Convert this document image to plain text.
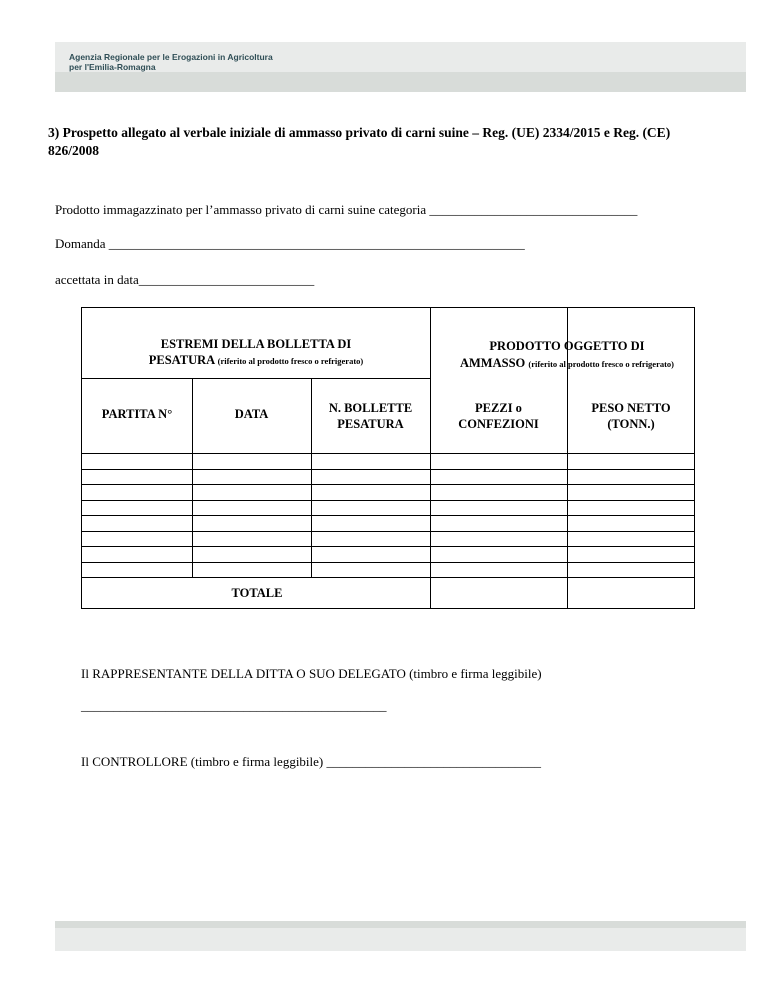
Agenzia Regionale per le Erogazioni in Agricoltura
per l'Emilia-Romagna
3) Prospetto allegato al verbale iniziale di ammasso privato di carni suine – Reg. (UE) 2334/2015 e Reg. (CE) 826/2008
Prodotto immagazzinato per l’ammasso privato di carni suine categoria ________________________________
Domanda ________________________________________________________________
accettata in data___________________________
ESTREMI DELLA BOLLETTA DI
PESATURA (riferito al prodotto fresco o refrigerato)
PRODOTTO OGGETTO DI
AMMASSO (riferito al prodotto fresco o refrigerato)
PARTITA N°	DATA	N. BOLLETTE PESATURA
PEZZI o CONFEZIONI
PESO NETTO (TONN.)
TOTALE
Il RAPPRESENTANTE DELLA DITTA O SUO DELEGATO (timbro e firma leggibile)
_______________________________________________
Il CONTROLLORE (timbro e firma leggibile) _________________________________
